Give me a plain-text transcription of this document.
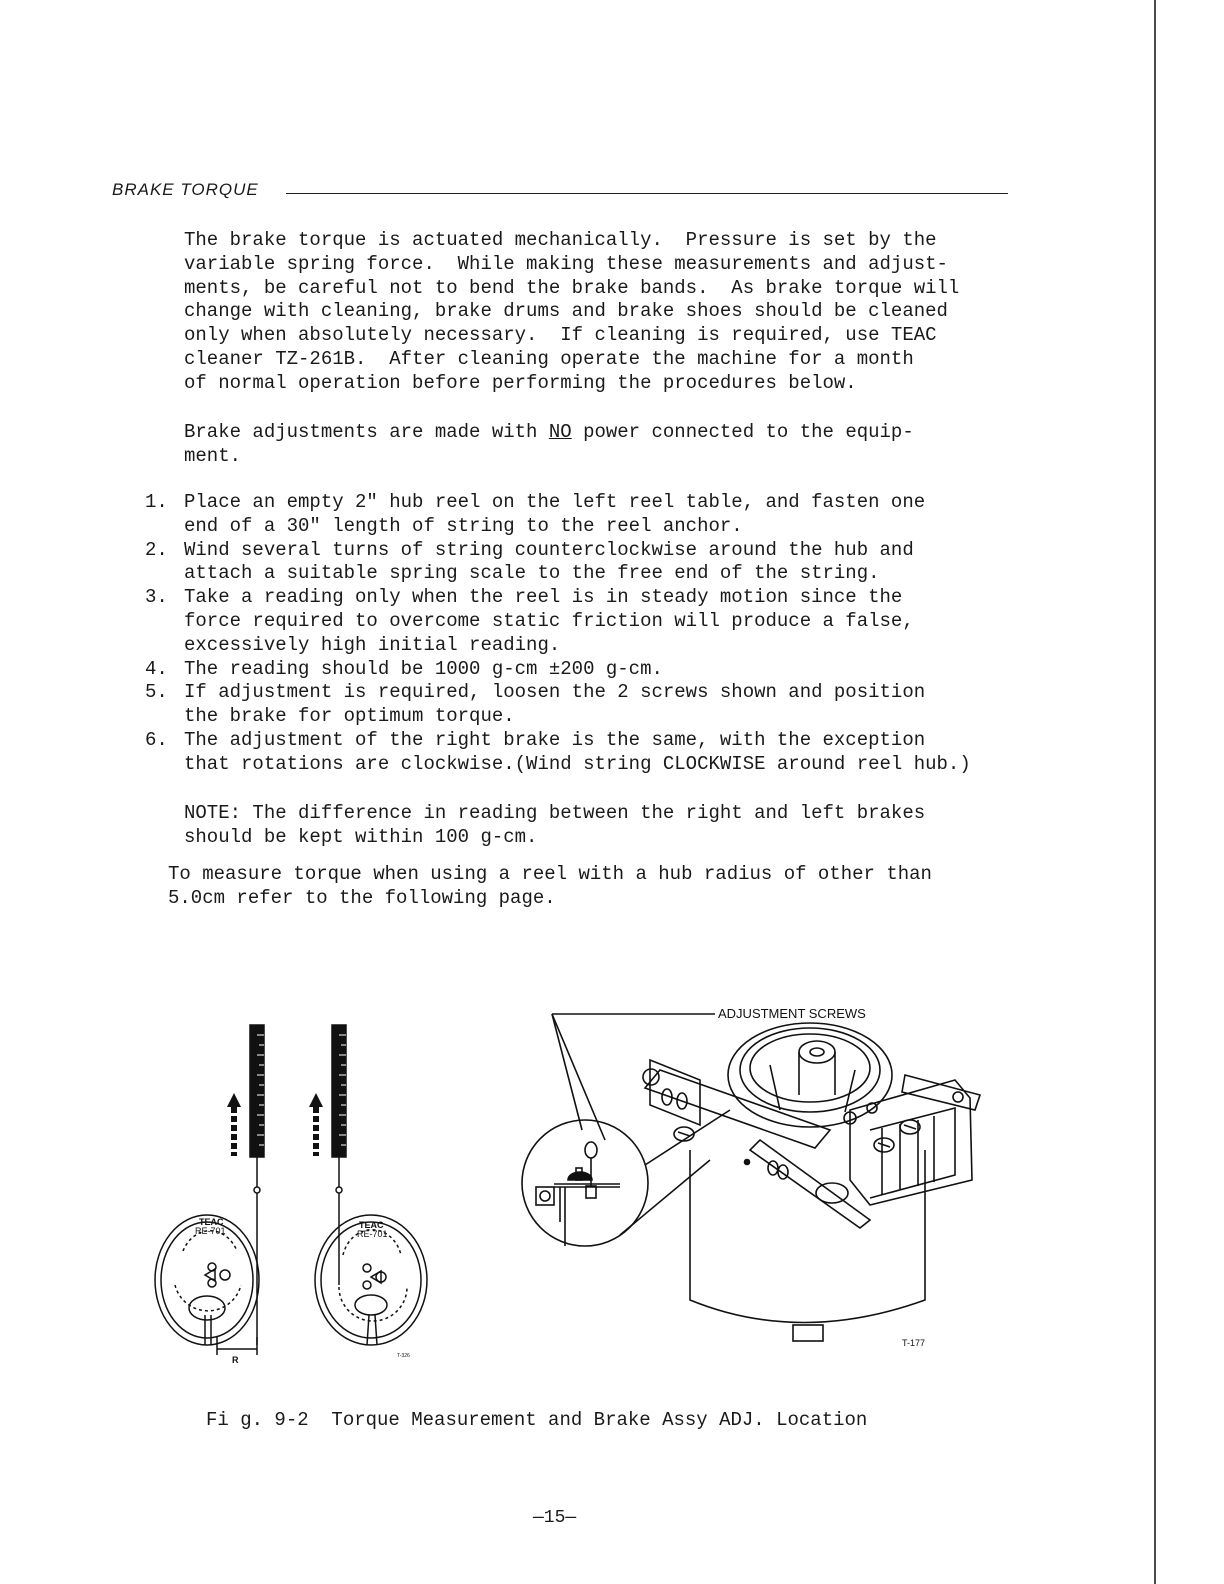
BRAKE TORQUE
The brake torque is actuated mechanically.  Pressure is set by the
variable spring force.  While making these measurements and adjust-
ments, be careful not to bend the brake bands.  As brake torque will
change with cleaning, brake drums and brake shoes should be cleaned
only when absolutely necessary.  If cleaning is required, use TEAC
cleaner TZ-261B.  After cleaning operate the machine for a month
of normal operation before performing the procedures below.
Brake adjustments are made with NO power connected to the equip-
ment.
1. Place an empty 2" hub reel on the left reel table, and fasten one
end of a 30" length of string to the reel anchor.
2. Wind several turns of string counterclockwise around the hub and
attach a suitable spring scale to the free end of the string.
3. Take a reading only when the reel is in steady motion since the
force required to overcome static friction will produce a false,
excessively high initial reading.
4. The reading should be 1000 g-cm ±200 g-cm.
5. If adjustment is required, loosen the 2 screws shown and position
the brake for optimum torque.
6. The adjustment of the right brake is the same, with the exception
that rotations are clockwise.(Wind string CLOCKWISE around reel hub.)
NOTE: The difference in reading between the right and left brakes
should be kept within 100 g-cm.
To measure torque when using a reel with a hub radius of other than
5.0cm refer to the following page.
TEAC
RE-701
R
TEAC
RE-701
T-326
ADJUSTMENT SCREWS
T-177
Fi g. 9-2  Torque Measurement and Brake Assy ADJ. Location
—15—
